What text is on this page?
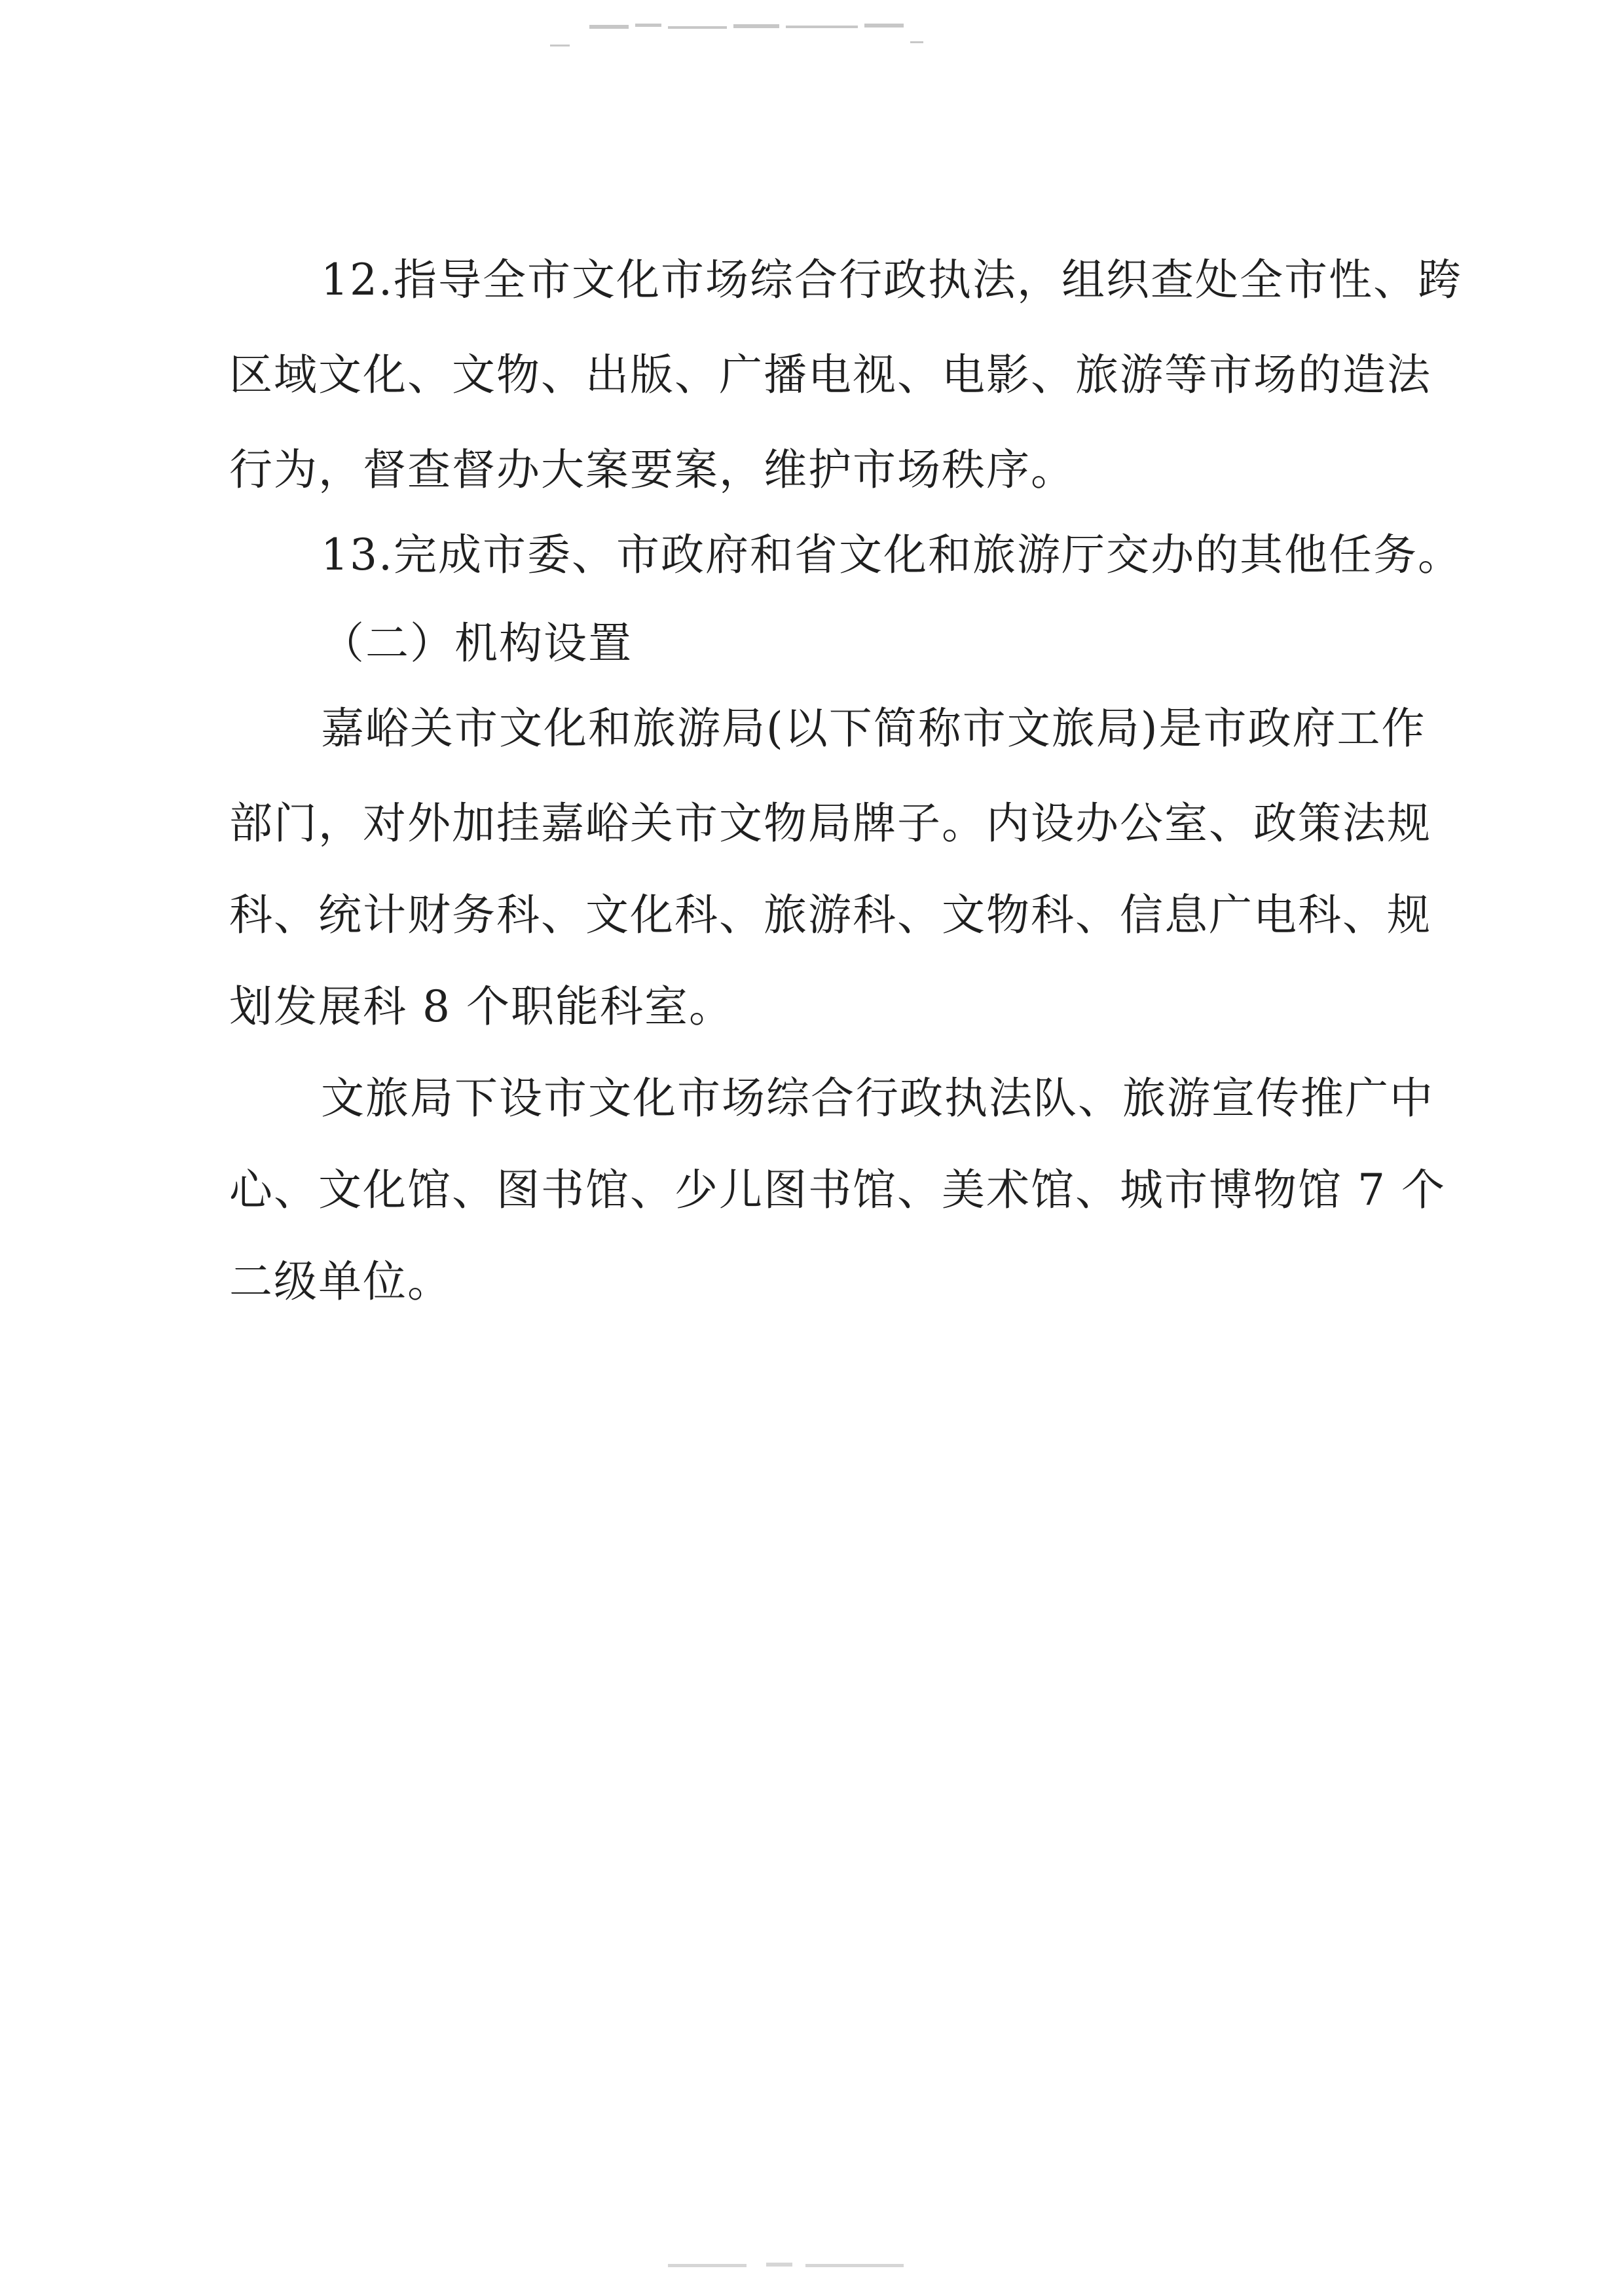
12.指导全市文化市场综合行政执法，组织查处全市性、跨
区域文化、文物、出版、广播电视、电影、旅游等市场的造法
行为，督查督办大案要案，维护市场秩序。
13.完成市委、市政府和省文化和旅游厅交办的其他任务。
（二）机构设置
嘉峪关市文化和旅游局(以下简称市文旅局)是市政府工作
部门，对外加挂嘉峪关市文物局牌子。内设办公室、政策法规
科、统计财务科、文化科、旅游科、文物科、信息广电科、规
划发展科 8 个职能科室。
文旅局下设市文化市场综合行政执法队、旅游宣传推广中
心、文化馆、图书馆、少儿图书馆、美术馆、城市博物馆 7 个
二级单位。
